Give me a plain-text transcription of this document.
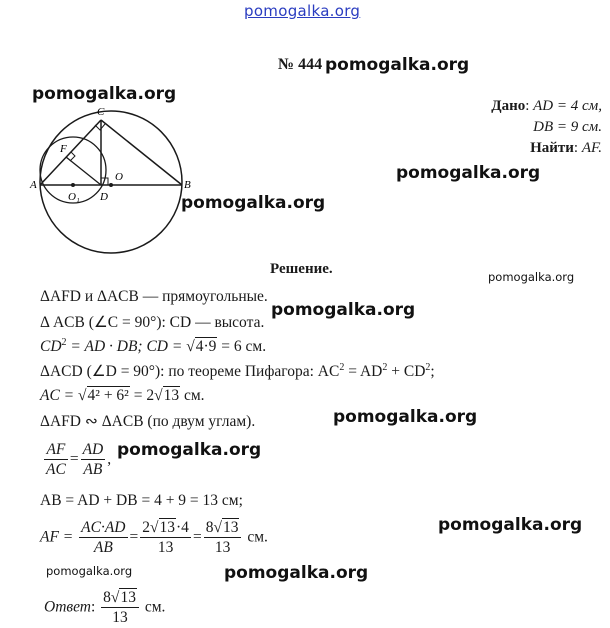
pomogalka.org
№ 444 pomogalka.org
pomogalka.org
Дано: AD = 4 см,
DB = 9 см.
Найти: AF.
pomogalka.org
A	B
C
D
F
O
O₁	pomogalka.org
Решение.	pomogalka.org
ΔAFD и ΔACB — прямоугольные.
pomogalka.org
Δ ACB (∠C = 90°): CD — высота.
$CD^2$ = AD · DB; CD = √4·9 = 6 см.
ΔACD (∠D = 90°): по теореме Пифагора: $AC^2 = AD^2 + CD^2$;
AC = √4² + 6² = 2√13 см.
pomogalka.org
ΔAFD ∾ ΔACB (по двум углам).
$\frac{AF}{AC} = \frac{AD}{AB}$ , pomogalka.org
AB = AD + DB = 4 + 9 = 13 см;
pomogalka.org
AF = $\frac{AC\cdot AD}{AB} = \frac{2√13\cdot 4}{13} = \frac{8√13}{13}$ см.
pomogalka.org	pomogalka.org
Ответ: $\frac{8√13}{13}$ см.
